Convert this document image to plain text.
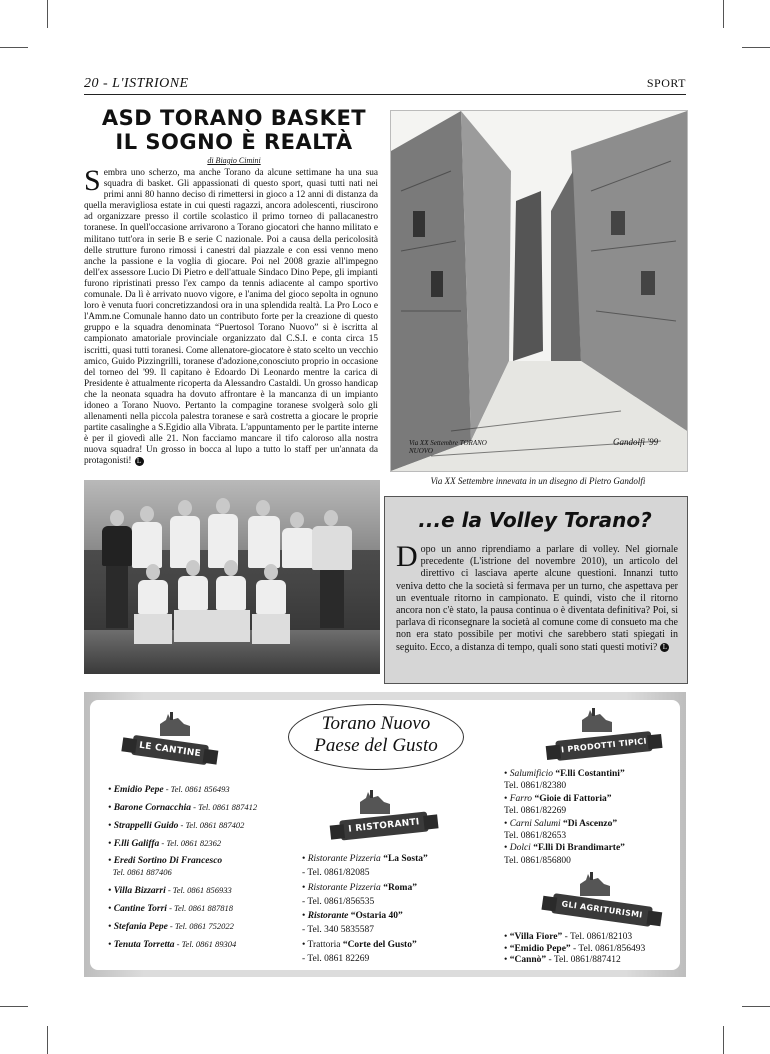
20 - L'ISTRIONE	SPORT
ASD TORANO BASKET
IL SOGNO È REALTÀ
di Biagio Cimini
Sembra uno scherzo, ma anche Torano da alcune settimane ha una sua squadra di basket. Gli appassionati di questo sport, quasi tutti nati nei primi anni 80 hanno deciso di rimettersi in gioco a 12 anni di distanza da quella meravigliosa estate in cui questi ragazzi, ancora adolescenti, riuscirono ad organizzare presso il cortile scolastico il primo torneo di pallacanestro toranese. In quell'occasione arrivarono a Torano giocatori che hanno militato e militano tutt'ora in serie B e serie C nazionale. Poi a causa della pericolosità delle strutture furono rimossi i canestri dal piazzale e con essi venno meno anche la passione e la voglia di giocare. Poi nel 2008 grazie all'impegno dell'ex assessore Lucio Di Pietro e dell'attuale Sindaco Dino Pepe, gli impianti furono ripristinati presso l'ex campo da tennis adiacente al campo sportivo comunale. Da lì è arrivato nuovo vigore, e l'anima del gioco sepolta in ognuno loro è venuta fuori concretizzandosi ora in una splendida realtà. La Pro Loco e l'Amm.ne Comunale hanno dato un contributo forte per la creazione di questo gruppo e la squadra denominata “Puertosol Torano Nuovo” si è iscritta al campionato amatoriale provinciale organizzato dal C.S.I. e conta circa 15 iscritti, quasi tutti toranesi. Come allenatore-giocatore è stato scelto un vecchio amico, Guido Pizzingrilli, toranese d'adozione,conosciuto proprio in occasione del torneo del '99. Il capitano è Edoardo Di Leonardo mentre la carica di Presidente è attualmente ricoperta da Alessandro Castaldi. Un grosso handicap che la neonata squadra ha dovuto affrontare è la mancanza di un impianto idoneo a Torano Nuovo. Pertanto la compagine toranese svolgerà solo gli allenamenti nella piccola palestra toranese e sarà costretta a giocare le proprie partite casalinghe a S.Egidio alla Vibrata. L'appuntamento per le partite interne è per il giovedì alle 21. Non facciamo mancare il tifo caloroso alla nostra nuova squadra! Un grosso in bocca al lupo a tutto lo staff per un'annata da protagonisti! L
Via XX Settembre TORANO NUOVO
Gandolfi '99
Via XX Settembre innevata in un disegno di Pietro Gandolfi
...e la Volley Torano?
Dopo un anno riprendiamo a parlare di volley. Nel giornale precedente (L'istrione del novembre 2010), un articolo del direttivo ci lasciava aperte alcune questioni. Innanzi tutto veniva detto che la società si fermava per un turno, che aspettava per un eventuale ritorno in campionato. E quindi, visto che il ritorno ancora non c'è stato, la pausa continua o è diventata definitiva? Poi, si parlava di riconsegnare la società al comune come di consueto ma che non era stato possibile per motivi che sarebbero stati spiegati in seguito. Ecco, a distanza di tempo, quali sono stati questi motivi? L
Torano Nuovo
Paese del Gusto
LE CANTINE
• Emidio Pepe - Tel. 0861 856493
• Barone Cornacchia - Tel. 0861 887412
• Strappelli Guido - Tel. 0861 887402
• F.lli Galiffa - Tel. 0861 82362
• Eredi Sortino Di Francesco
Tel. 0861 887406
• Villa Bizzarri - Tel. 0861 856933
• Cantine Torri - Tel. 0861 887818
• Stefania Pepe - Tel. 0861 752022
• Tenuta Torretta - Tel. 0861 89304
I RISTORANTI
• Ristorante Pizzeria “La Sosta”
- Tel. 0861/82085
• Ristorante Pizzeria “Roma”
- Tel. 0861/856535
• Ristorante “Ostaria 40”
- Tel. 340 5835587
• Trattoria “Corte del Gusto”
- Tel. 0861 82269
I PRODOTTI TIPICI
• Salumificio “F.lli Costantini”
Tel. 0861/82380
• Farro “Gioie di Fattoria”
Tel. 0861/82269
• Carni Salumi “Di Ascenzo”
Tel. 0861/82653
• Dolci “F.lli Di Brandimarte”
Tel. 0861/856800
GLI AGRITURISMI
• “Villa Fiore” - Tel. 0861/82103
• “Emidio Pepe” - Tel. 0861/856493
• “Cannò” - Tel. 0861/887412
